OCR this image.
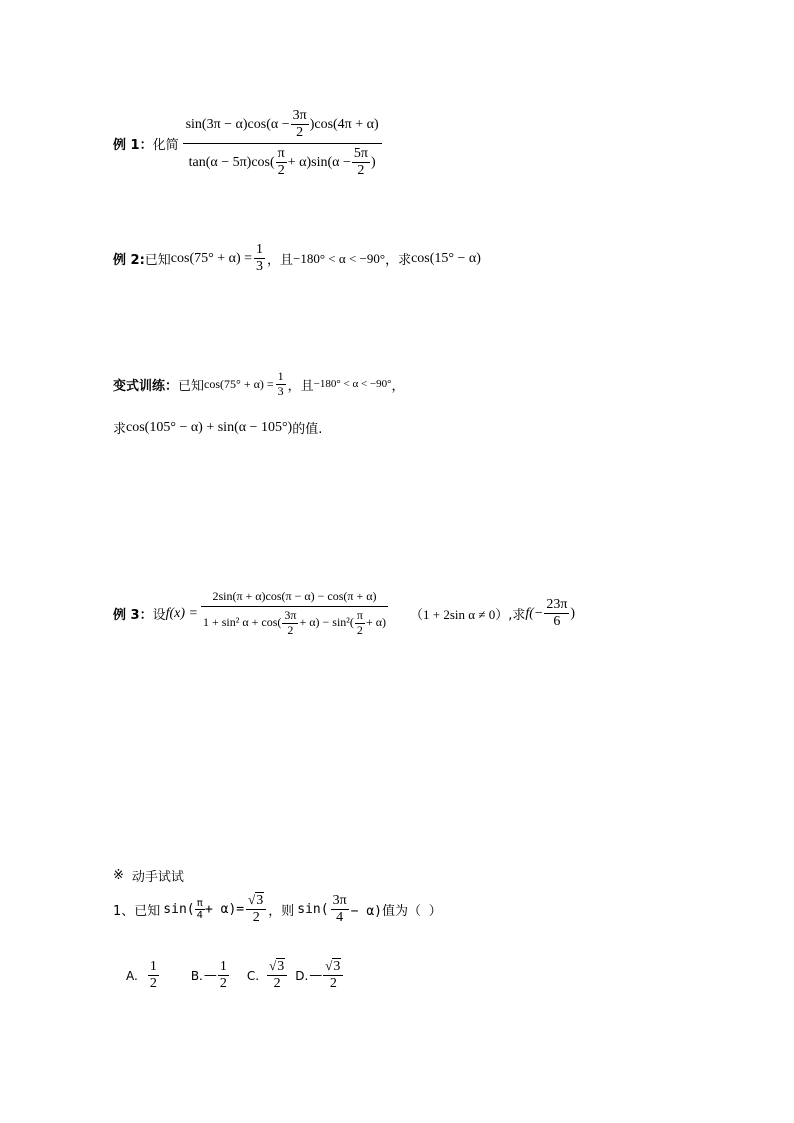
例 1： 化简
$\sin(3\pi - \alpha)\cos(\alpha - \frac{3\pi}{2} )\cos(4\pi + \alpha)$
$\tan(\alpha - 5\pi)\cos( \frac{\pi}{2} + \alpha)\sin(\alpha - \frac{5\pi}{2}$ )
例 2: 已知 $\cos(75^\circ + \alpha) = \frac{1}{3}$ ，且 −180° < α < −90° ，求 cos(15° − α)
变式训练： 已知 $\cos(75^\circ + \alpha) = \frac{1}{3}$ ，且 −180° < α < −90° ，
求 cos(105° − α) + sin(α − 105°) 的值.
例 3： 设 f(x) =
2sin(π + α)cos(π − α) − cos(π + α)
1 + sin² $\alpha + \cos( \frac{3\pi}{2} + \alpha) - \sin^2( \frac{\pi}{2} + \alpha)$ （1 + 2sin α ≠ 0） ,求 $f(- \frac{23\pi}{6}$ )
※ 动手试试
1、 已知 $\sin( \frac{\pi}{4} + \alpha)= \frac{√3}{2}$ ，则 $\sin( \frac{3\pi}{4} - \alpha)$值为（ ）
A. $\frac{1}{2}$	B. — $\frac{1}{2} C$. $\frac{√3}{2} D$. — $\frac{√3}{2}$
